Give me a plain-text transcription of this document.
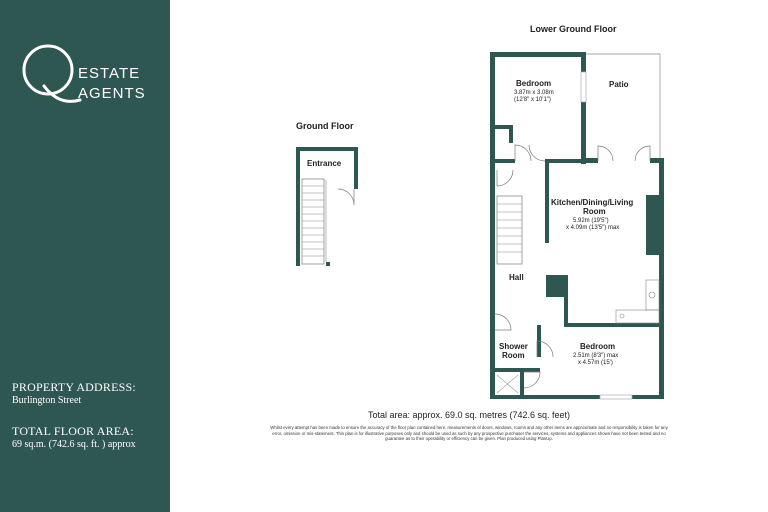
ESTATE
AGENTS
PROPERTY ADDRESS:
Burlington Street
TOTAL FLOOR AREA:
69 sq.m. (742.6 sq. ft. ) approx
Ground Floor
Entrance
Lower Ground Floor
Bedroom
3.87m x 3.08m
(12'8" x 10'1")
Patio
Kitchen/Dining/Living
Room
5.92m (19'5")
x 4.09m (13'5") max
Hall
Shower
Room
Bedroom
2.51m (8'3") max
x 4.57m (15')
Total area: approx. 69.0 sq. metres (742.6 sq. feet)
Whilst every attempt has been made to ensure the accuracy of the floor plan contained here, measurements of doors, windows, rooms and any other items are approximate and no responsibility is taken for any error, omission or mis-statement. This plan is for illustrative purposes only and should be used as such by any prospective purchaser the services, systems and appliances shown have not been tested and no guarantee as to their operability or efficiency can be given. Plan produced using PlanUp.
